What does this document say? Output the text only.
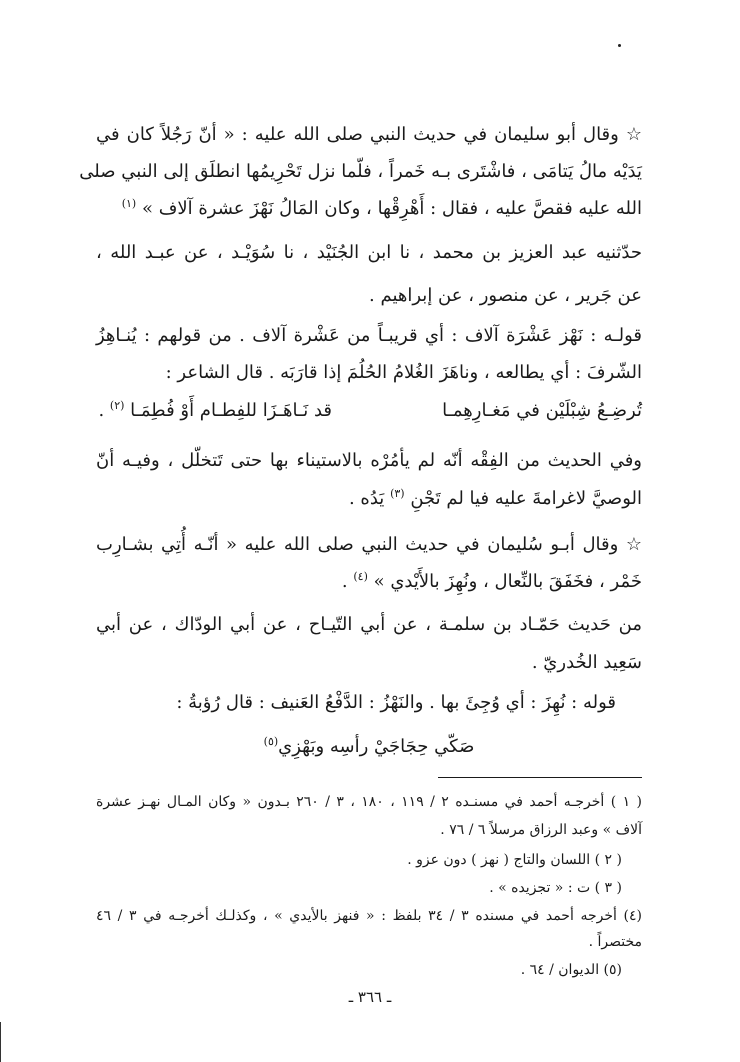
☆ وقال أبو سليمان في حديث النبي صلى الله عليه : « أنّ رَجُلاً كان في
يَدَيْه مالُ يَتامَى ، فاشْتَرى بـه خَمراً ، فلّما نزل تَحْرِيمُها انطلَق إلى النبي صلى
الله عليه فقصَّ عليه ، فقال : أَهْرِقْها ، وكان المَالُ نَهْزَ عشرة آلاف » $^{(١)}$
حدّثنيه عبد العزيز بن محمد ، نا ابن الجُنَيْد ، نا سُوَيْـد ، عن عبـد الله ،
عن جَرير ، عن منصور ، عن إبراهيم .
قولـه : نَهْز عَشْرَة آلاف : أي قريبـاً من عَشْرة آلاف . من قولهم : يُنـاهِزُ
الشّرفَ : أي يطالعه ، وناهَزَ الغُلامُ الحُلُمَ إذا قارَبَه . قال الشاعر :
تُرضِـعُ شِبْلَيْن في مَغـارِهِمـا
قد نَـاهَـزَا للفِطـام أَوْ فُطِمَـا $^{(٢)}$ .
وفي الحديث من الفِقْه أنّه لم يأمُرْه بالاستيناء بها حتى تَتخلّل ، وفيـه أنّ
الوصيَّ لاغرامةَ عليه فيا لم تَجْنِ $^{(٣)}$ يَدُه .
☆ وقال أبـو سُليمان في حديث النبي صلى الله عليه « أنّـه أُتِي بشـارِب
خَمْر ، فخَفَقَ بالنِّعال ، ونُهِزَ بالأَيْدي » $^{(٤)}$ .
من حَديث حَمّـاد بن سلمـة ، عن أبي التّيـاح ، عن أبي الودّاك ، عن أبي
سَعِيد الخُدريّ .
قوله : نُهِزَ : أي وُجِئَ بها . والنَهْزُ : الدَّفْعُ العَنيف : قال رُؤبةُ :
صَكّي حِجَاجَيْ رأسِه وبَهْزِي$^{(٥)}$
( ١ ) أخرجـه أحمد في مسنـده ٢ / ١١٩ ، ١٨٠ ، ٣ / ٢٦٠ بـدون « وكان المـال نهـز عشرة
آلاف » وعبد الرزاق مرسلاً ٦ / ٧٦ .
( ٢ ) اللسان والتاج ( نهز ) دون عزو .
( ٣ ) ت : « تجزيده » .
(٤) أخرجه أحمد في مسنده ٣ / ٣٤ بلفظ : « فنهز بالأيدي » ، وكذلـك أخرجـه في ٣ / ٤٦
مختصراً .
(٥) الديوان / ٦٤ .
ـ ٣٦٦ ـ
